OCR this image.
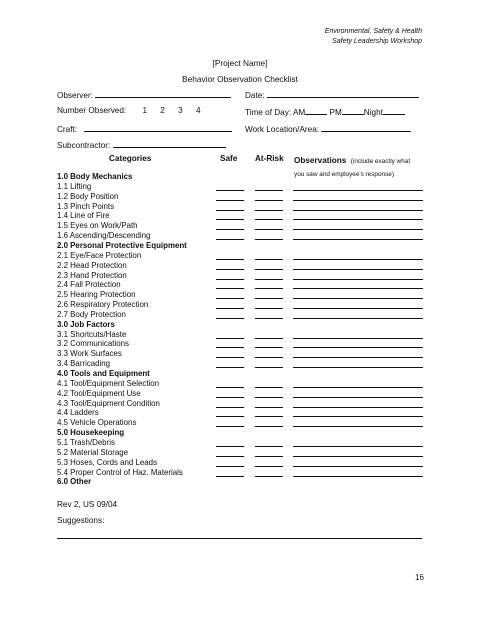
Environmental, Safety & Health
Safety Leadership Workshop
[Project Name]
Behavior Observation Checklist
Observer:	Date:
Number Observed: 1 2 3 4	Time of Day: AM	PM	Night
Craft:	Work Location/Area:
Subcontractor:
Categories	Safe At-Risk Observations (include exactly what
you saw and employee's response)
1.0 Body Mechanics
1.1 Lifting
1.2 Body Position
1.3 Pinch Points
1.4 Line of Fire
1.5 Eyes on Work/Path
1.6 Ascending/Descending
2.0 Personal Protective Equipment
2.1 Eye/Face Protection
2.2 Head Protection
2.3 Hand Protection
2.4 Fall Protection
2.5 Hearing Protection
2.6 Respiratory Protection
2.7 Body Protection
3.0 Job Factors
3.1 Shortcuts/Haste
3.2 Communications
3.3 Work Surfaces
3.4 Barricading
4.0 Tools and Equipment
4.1 Tool/Equipment Selection
4.2 Tool/Equipment Use
4.3 Tool/Equipment Condition
4.4 Ladders
4.5 Vehicle Operations
5.0 Housekeeping
5.1 Trash/Debris
5.2 Material Storage
5.3 Hoses, Cords and Leads
5.4 Proper Control of Haz. Materials
6.0 Other
Rev 2, US 09/04
Suggestions:
16
